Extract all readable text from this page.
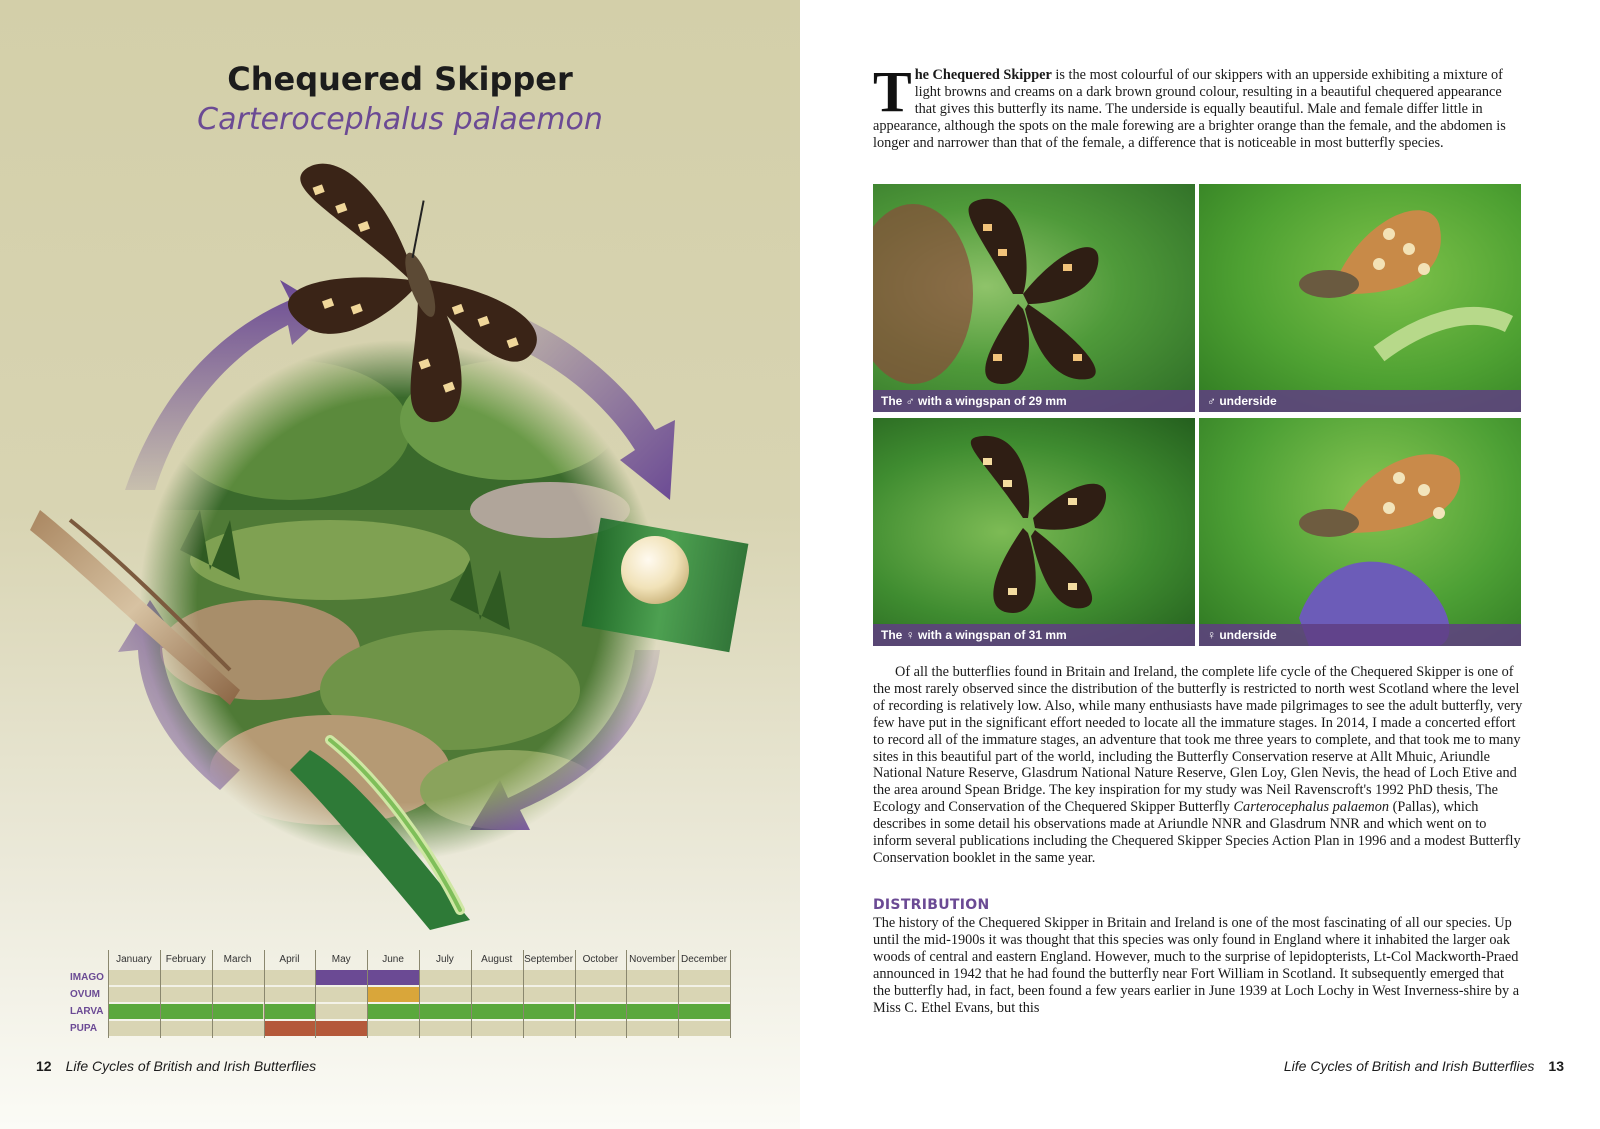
Chequered Skipper
Carterocephalus palaemon
January	February	March	April	May	June	July	August	September October	November December
IMAGO
OVUM
LARVA
PUPA
12 Life Cycles of British and Irish Butterflies

The Chequered Skipper is the most colourful of our skippers with an upperside exhibiting a mixture of light browns and creams on a dark brown ground colour, resulting in a beautiful chequered appearance that gives this butterfly its name. The underside is equally beautiful. Male and female differ little in appearance, although the spots on the male forewing are a brighter orange than the female, and the abdomen is longer and narrower than that of the female, a difference that is noticeable in most butterfly species.

The ♂ with a wingspan of 29 mm	♂ underside
The ♀ with a wingspan of 31 mm	♀ underside

Of all the butterflies found in Britain and Ireland, the complete life cycle of the Chequered Skipper is one of the most rarely observed since the distribution of the butterfly is restricted to north west Scotland where the level of recording is relatively low. Also, while many enthusiasts have made pilgrimages to see the adult butterfly, very few have put in the significant effort needed to locate all the immature stages. In 2014, I made a concerted effort to record all of the immature stages, an adventure that took me three years to complete, and that took me to many sites in this beautiful part of the world, including the Butterfly Conservation reserve at Allt Mhuic, Ariundle National Nature Reserve, Glasdrum National Nature Reserve, Glen Loy, Glen Nevis, the head of Loch Etive and the area around Spean Bridge. The key inspiration for my study was Neil Ravenscroft's 1992 PhD thesis, The Ecology and Conservation of the Chequered Skipper Butterfly Carterocephalus palaemon (Pallas), which describes in some detail his observations made at Ariundle NNR and Glasdrum NNR and which went on to inform several publications including the Chequered Skipper Species Action Plan in 1996 and a modest Butterfly Conservation booklet in the same year.

DISTRIBUTION

The history of the Chequered Skipper in Britain and Ireland is one of the most fascinating of all our species. Up until the mid-1900s it was thought that this species was only found in England where it inhabited the larger oak woods of central and eastern England. However, much to the surprise of lepidopterists, Lt-Col Mackworth-Praed announced in 1942 that he had found the butterfly near Fort William in Scotland. It subsequently emerged that the butterfly had, in fact, been found a few years earlier in June 1939 at Loch Lochy in West Inverness-shire by a Miss C. Ethel Evans, but this

Life Cycles of British and Irish Butterflies 13
